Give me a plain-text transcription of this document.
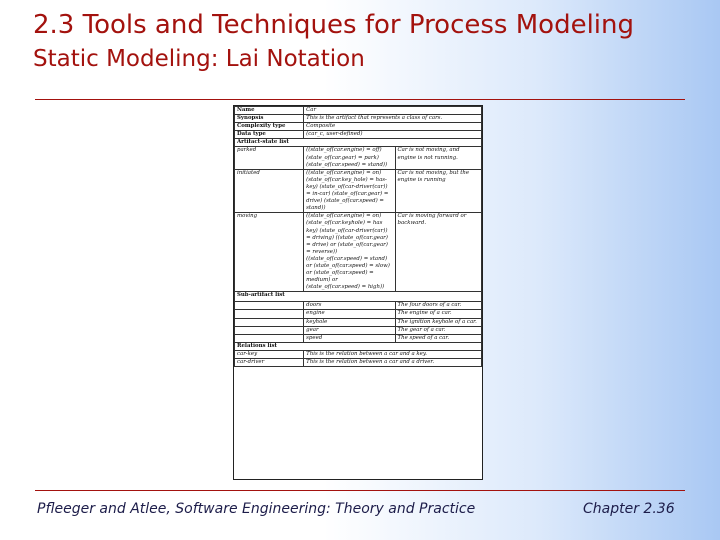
2.3 Tools and Techniques for Process Modeling
Static Modeling: Lai Notation
Name	Car	
Synopsis	This is the artifact that represents a class of cars.	
Complexity type	Composite	
Data type	(car_c, user-defined)	
Artifact-state list		
parked	((state_of(car.engine) = off) (state_of(car.gear) = park) (state_of(car.speed) = stand))	Car is not moving, and engine is not running.
initiated	((state_of(car.engine) = on) (state_of(car.key_hole) = has-key) (state_of(car-driver(car)) = in-car) (state_of(car.gear) = drive) (state_of(car.speed) = stand))	Car is not moving, but the engine is running
moving	((state_of(car.engine) = on) (state_of(car.keyhole) = has key) (state_of(car-driver(car)) = driving) ((state_of(car.gear) = drive) or (state_of(car.gear) = reverse)) ((state_of(car.speed) = stand) or (state_of(car.speed) = slow) or (state_of(car.speed) = medium) or (state_of(car.speed) = high))	Car is moving forward or backward.
Sub-artifact list		
	doors	The four doors of a car.
	engine	The engine of a car.
	keyhole	The ignition keyhole of a car.
	gear	The gear of a car.
	speed	The speed of a car.
Relations list		
car-key	This is the relation between a car and a key.	
car-driver	This is the relation between a car and a driver.	
Pfleeger and Atlee, Software Engineering: Theory and Practice	Chapter 2.36
